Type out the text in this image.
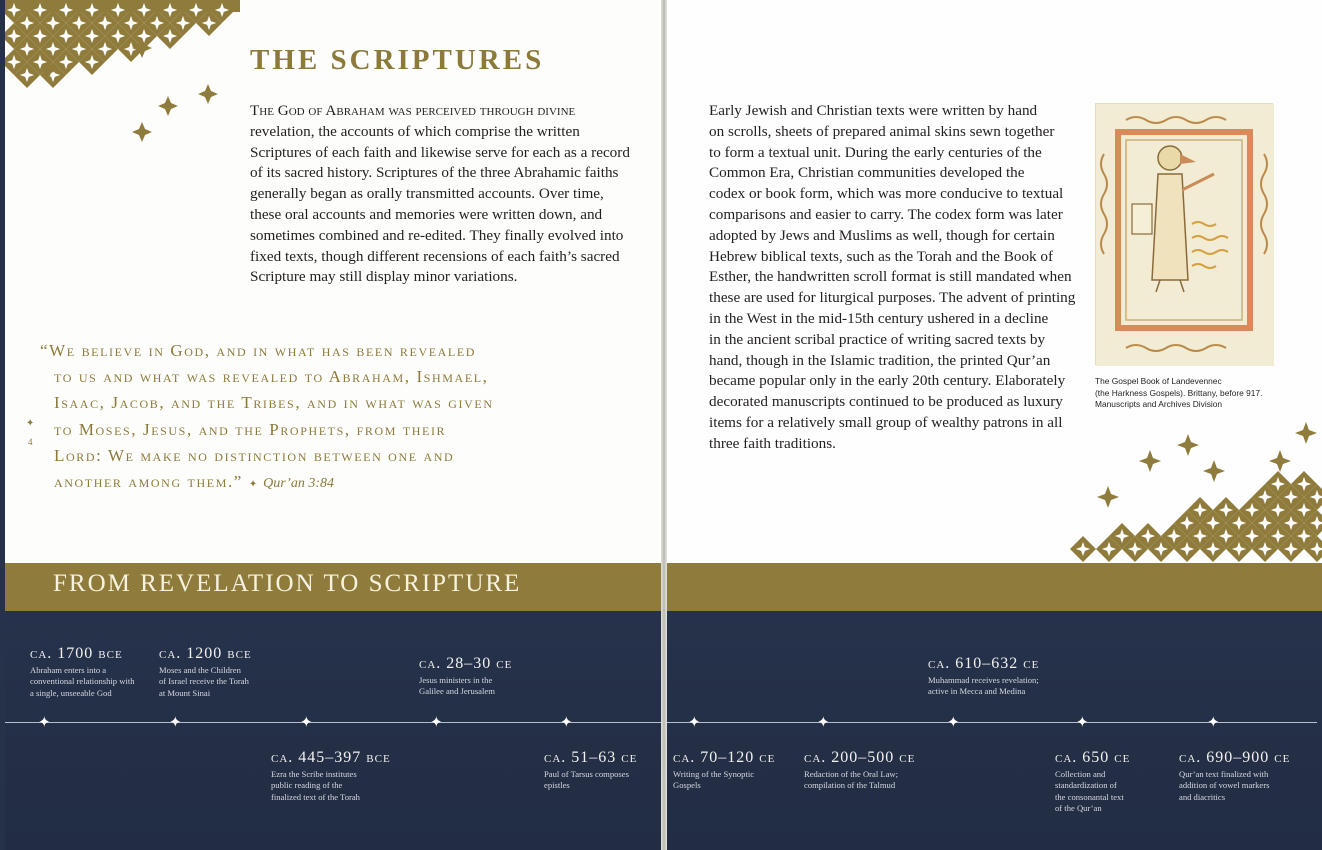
THE SCRIPTURES

The God of Abraham was perceived through divine

revelation, the accounts of which comprise the written

Scriptures of each faith and likewise serve for each as a record

of its sacred history. Scriptures of the three Abrahamic faiths

generally began as orally transmitted accounts. Over time,

these oral accounts and memories were written down, and

sometimes combined and re-edited. They finally evolved into

fixed texts, though different recensions of each faith’s sacred

Scripture may still display minor variations.

“We believe in God, and in what has been revealed

to us and what was revealed to Abraham, Ishmael,

Isaac, Jacob, and the Tribes, and in what was given

to Moses, Jesus, and the Prophets, from their

Lord: We make no distinction between one and

another among them.” ✦ Qur’an 3:84

✦
4

Early Jewish and Christian texts were written by hand

on scrolls, sheets of prepared animal skins sewn together

to form a textual unit. During the early centuries of the

Common Era, Christian communities developed the

codex or book form, which was more conducive to textual

comparisons and easier to carry. The codex form was later

adopted by Jews and Muslims as well, though for certain

Hebrew biblical texts, such as the Torah and the Book of

Esther, the handwritten scroll format is still mandated when

these are used for liturgical purposes. The advent of printing

in the West in the mid-15th century ushered in a decline

in the ancient scribal practice of writing sacred texts by

hand, though in the Islamic tradition, the printed Qur’an

became popular only in the early 20th century. Elaborately

decorated manuscripts continued to be produced as luxury

items for a relatively small group of wealthy patrons in all

three faith traditions.

The Gospel Book of Landevennec
(the Harkness Gospels). Brittany, before 917.
Manuscripts and Archives Division
FROM REVELATION TO SCRIPTURE
✦	✦	✦	✦	✦	✦	✦	✦	✦	✦
ca. 1700 bce
Abraham enters into a
conventional relationship with
a single, unseeable God
ca. 1200 bce
Moses and the Children
of Israel receive the Torah
at Mount Sinai
ca. 28–30 ce
Jesus ministers in the
Galilee and Jerusalem
ca. 610–632 ce
Muhammad receives revelation;
active in Mecca and Medina
ca. 445–397 bce
Ezra the Scribe institutes
public reading of the
finalized text of the Torah
ca. 51–63 ce
Paul of Tarsus composes
epistles
ca. 70–120 ce
Writing of the Synoptic
Gospels
ca. 200–500 ce
Redaction of the Oral Law;
compilation of the Talmud
ca. 650 ce
Collection and
standardization of
the consonantal text
of the Qur’an
ca. 690–900 ce
Qur’an text finalized with
addition of vowel markers
and diacritics
